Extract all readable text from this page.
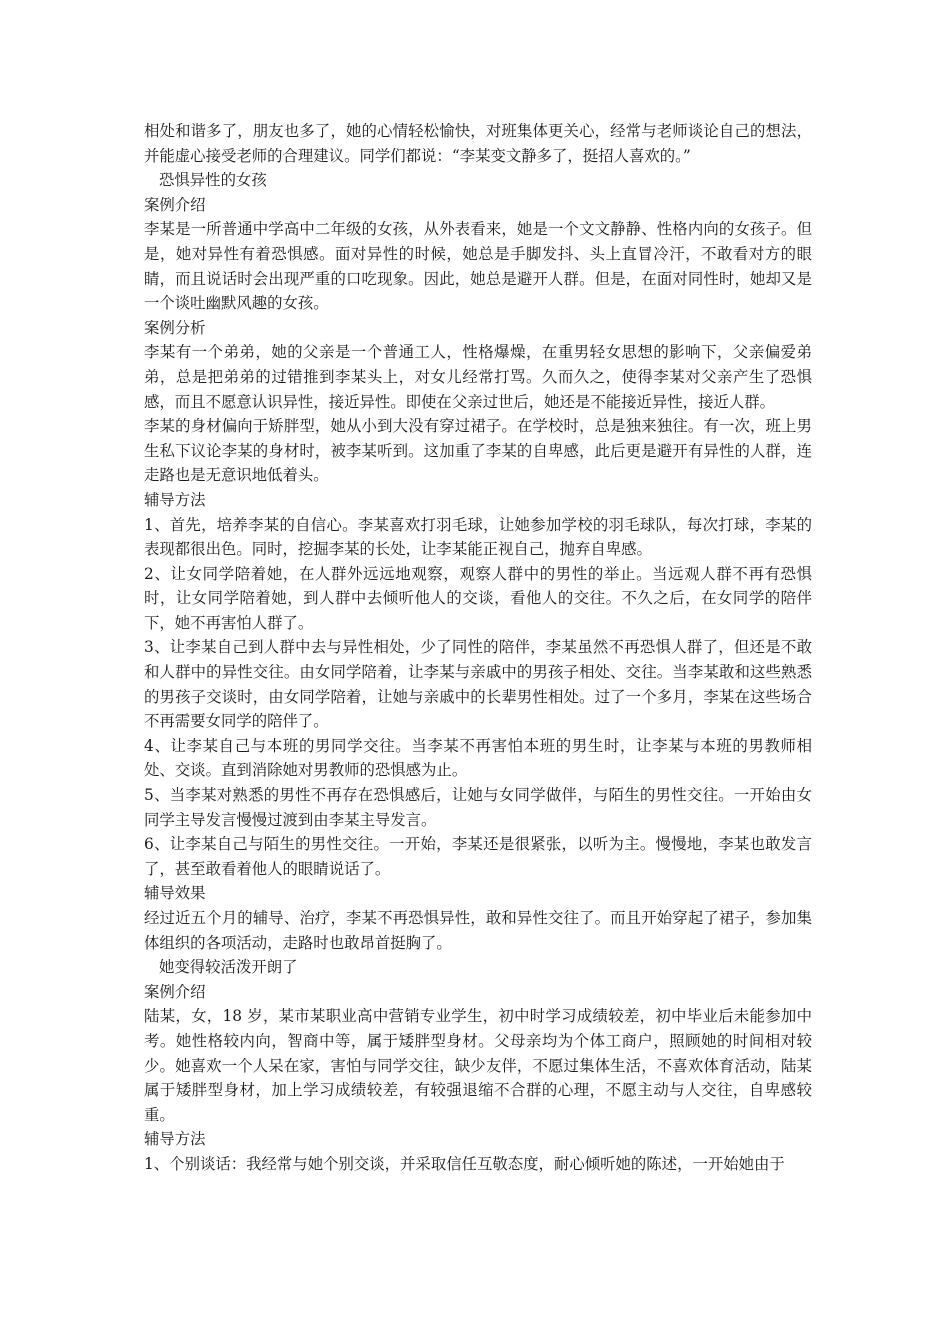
相处和谐多了，朋友也多了，她的心情轻松愉快，对班集体更关心，经常与老师谈论自己的想法，并能虚心接受老师的合理建议。同学们都说：“李某变文静多了，挺招人喜欢的。”

恐惧异性的女孩

案例介绍

李某是一所普通中学高中二年级的女孩，从外表看来，她是一个文文静静、性格内向的女孩子。但是，她对异性有着恐惧感。面对异性的时候，她总是手脚发抖、头上直冒冷汗，不敢看对方的眼睛，而且说话时会出现严重的口吃现象。因此，她总是避开人群。但是，在面对同性时，她却又是一个谈吐幽默风趣的女孩。

案例分析

李某有一个弟弟，她的父亲是一个普通工人，性格爆燥，在重男轻女思想的影响下，父亲偏爱弟弟，总是把弟弟的过错推到李某头上，对女儿经常打骂。久而久之，使得李某对父亲产生了恐惧感，而且不愿意认识异性，接近异性。即使在父亲过世后，她还是不能接近异性，接近人群。

李某的身材偏向于矫胖型，她从小到大没有穿过裙子。在学校时，总是独来独往。有一次，班上男生私下议论李某的身材时，被李某听到。这加重了李某的自卑感，此后更是避开有异性的人群，连走路也是无意识地低着头。

辅导方法

1、首先，培养李某的自信心。李某喜欢打羽毛球，让她参加学校的羽毛球队，每次打球，李某的表现都很出色。同时，挖掘李某的长处，让李某能正视自己，抛弃自卑感。

2、让女同学陪着她，在人群外远远地观察，观察人群中的男性的举止。当远观人群不再有恐惧时，让女同学陪着她，到人群中去倾听他人的交谈，看他人的交往。不久之后，在女同学的陪伴下，她不再害怕人群了。

3、让李某自己到人群中去与异性相处，少了同性的陪伴，李某虽然不再恐惧人群了，但还是不敢和人群中的异性交往。由女同学陪着，让李某与亲戚中的男孩子相处、交往。当李某敢和这些熟悉的男孩子交谈时，由女同学陪着，让她与亲戚中的长辈男性相处。过了一个多月，李某在这些场合不再需要女同学的陪伴了。

4、让李某自己与本班的男同学交往。当李某不再害怕本班的男生时，让李某与本班的男教师相处、交谈。直到消除她对男教师的恐惧感为止。

5、当李某对熟悉的男性不再存在恐惧感后，让她与女同学做伴，与陌生的男性交往。一开始由女同学主导发言慢慢过渡到由李某主导发言。

6、让李某自己与陌生的男性交往。一开始，李某还是很紧张，以听为主。慢慢地，李某也敢发言了，甚至敢看着他人的眼睛说话了。

辅导效果

经过近五个月的辅导、治疗，李某不再恐惧异性，敢和异性交往了。而且开始穿起了裙子，参加集体组织的各项活动，走路时也敢昂首挺胸了。

她变得较活泼开朗了

案例介绍

陆某，女，18 岁，某市某职业高中营销专业学生，初中时学习成绩较差，初中毕业后未能参加中考。她性格较内向，智商中等，属于矮胖型身材。父母亲均为个体工商户，照顾她的时间相对较少。她喜欢一个人呆在家，害怕与同学交往，缺少友伴，不愿过集体生活，不喜欢体育活动，陆某属于矮胖型身材，加上学习成绩较差，有较强退缩不合群的心理，不愿主动与人交往，自卑感较重。

辅导方法

1、个别谈话：我经常与她个别交谈，并采取信任互敬态度，耐心倾听她的陈述，一开始她由于
